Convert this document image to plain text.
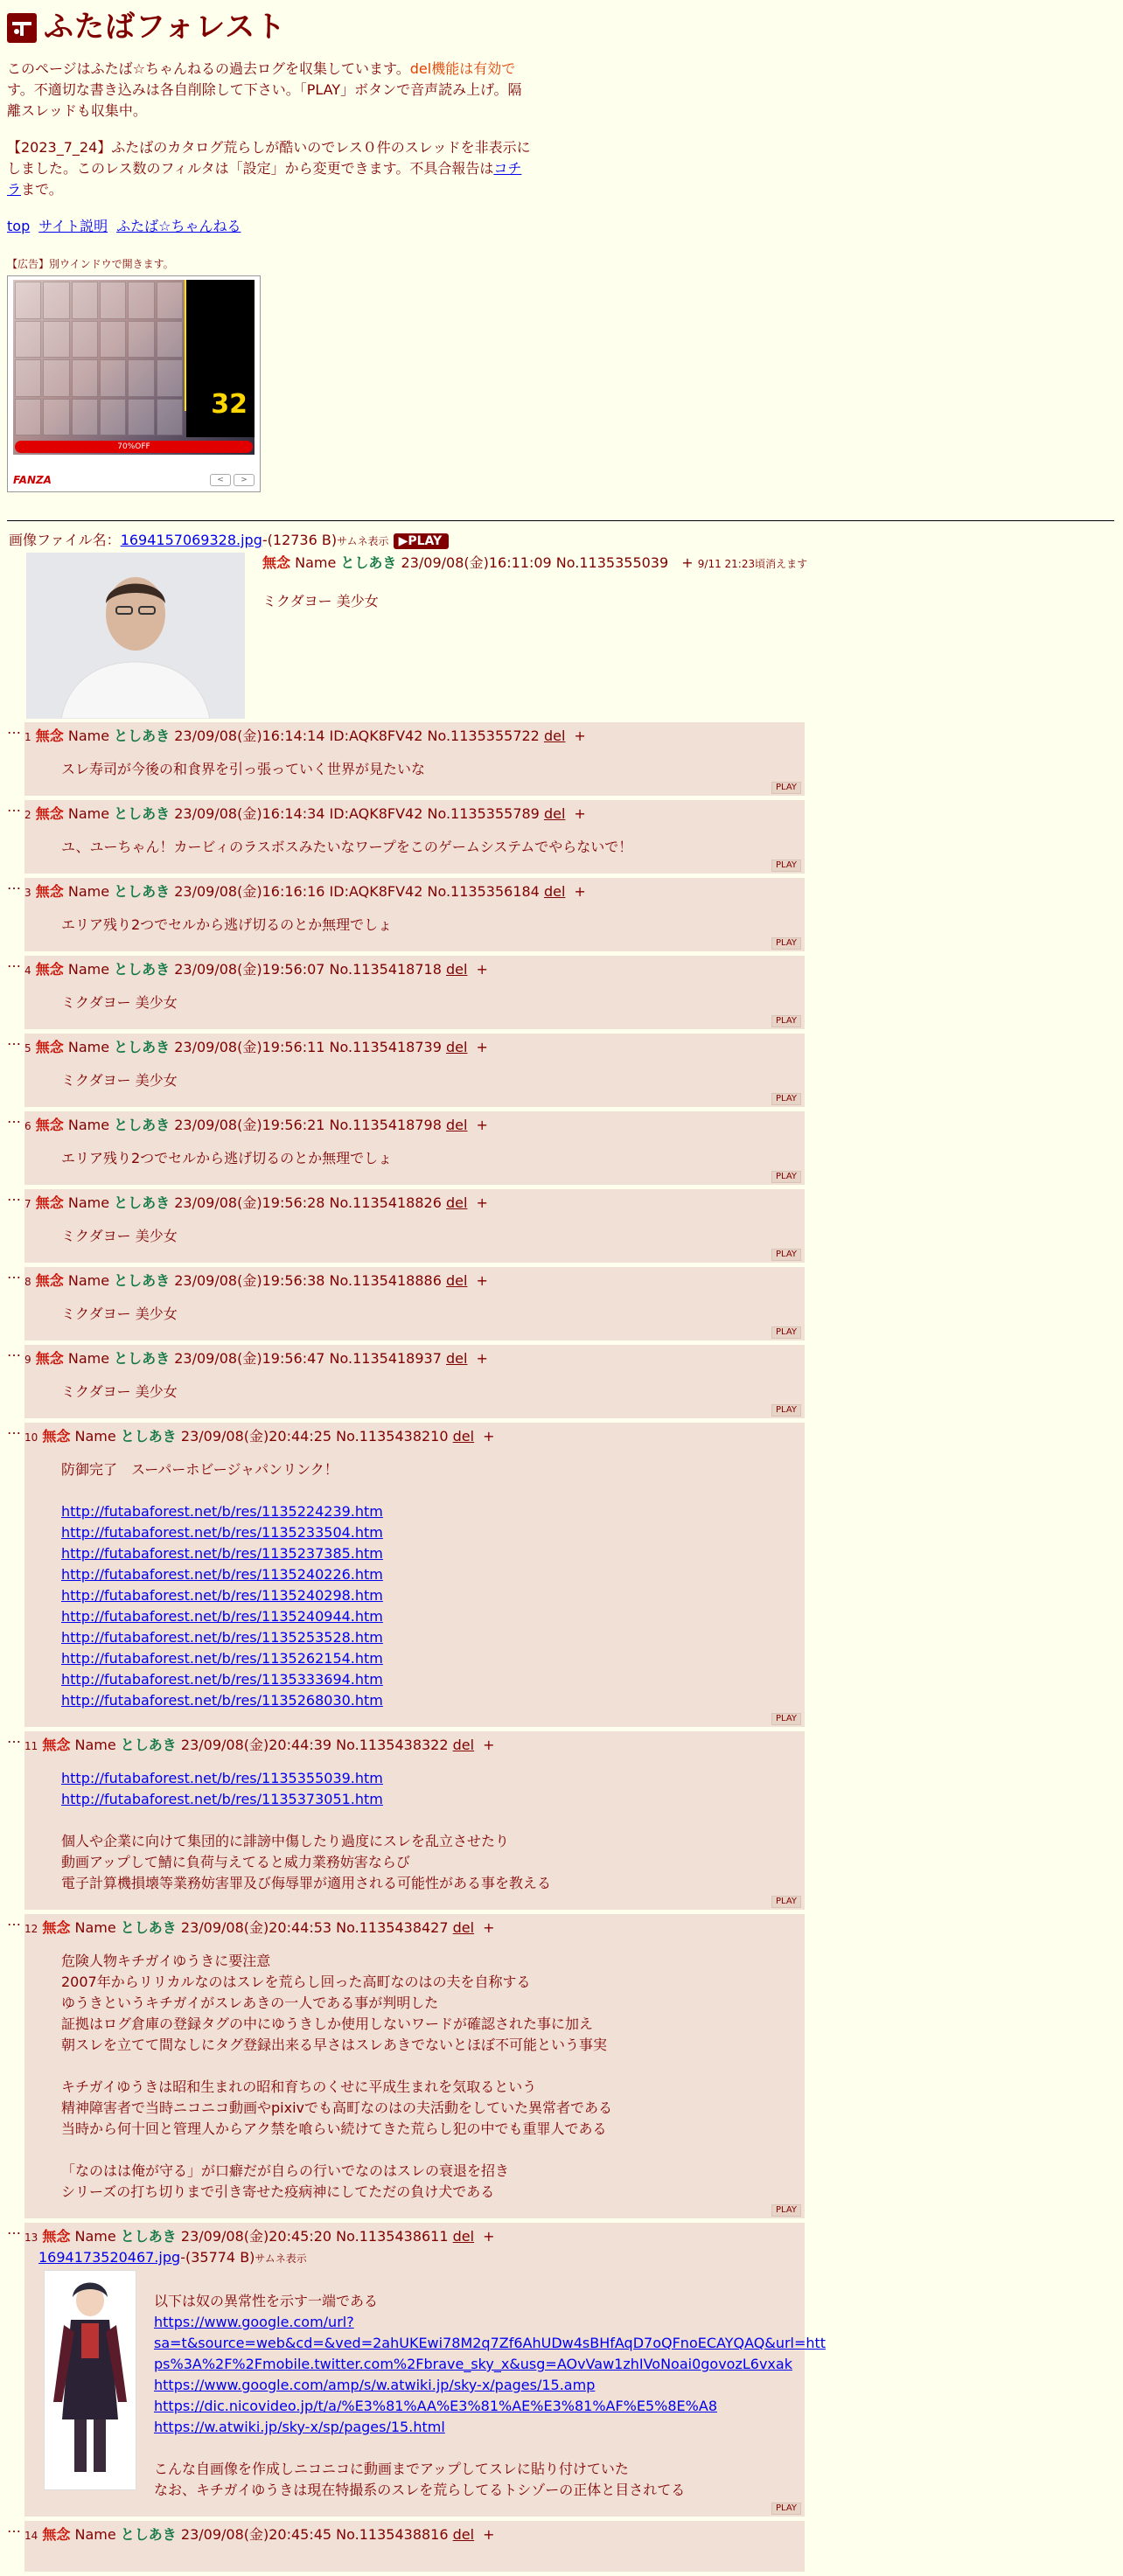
ふたばフォレスト
このページはふたば☆ちゃんねるの過去ログを収集しています。del機能は有効です。不適切な書き込みは各自削除して下さい。「PLAY」ボタンで音声読み上げ。隔離スレッドも収集中。
【2023_7_24】ふたばのカタログ荒らしが酷いのでレス０件のスレッドを非表示にしました。このレス数のフィルタは「設定」から変更できます。不具合報告はコチラまで。
top サイト説明 ふたば☆ちゃんねる
【広告】別ウインドウで開きます。
32
70%OFF
FANZA	<	>
画像ファイル名：1694157069328.jpg-(12736 B)サムネ表示 ▶PLAY
無念 Name としあき 23/09/08(金)16:11:09 No.1135355039 + 9/11 21:23頃消えます
ミクダヨー 美少女
… 1 無念 Name としあき 23/09/08(金)16:14:14 ID:AQK8FV42 No.1135355722 del +
スレ寿司が今後の和食界を引っ張っていく世界が見たいな
PLAY
… 2 無念 Name としあき 23/09/08(金)16:14:34 ID:AQK8FV42 No.1135355789 del +
ユ、ユーちゃん！カービィのラスボスみたいなワープをこのゲームシステムでやらないで！
PLAY
… 3 無念 Name としあき 23/09/08(金)16:16:16 ID:AQK8FV42 No.1135356184 del +
エリア残り2つでセルから逃げ切るのとか無理でしょ
PLAY
… 4 無念 Name としあき 23/09/08(金)19:56:07 No.1135418718 del +
ミクダヨー 美少女
PLAY
… 5 無念 Name としあき 23/09/08(金)19:56:11 No.1135418739 del +
ミクダヨー 美少女
PLAY
… 6 無念 Name としあき 23/09/08(金)19:56:21 No.1135418798 del +
エリア残り2つでセルから逃げ切るのとか無理でしょ
PLAY
… 7 無念 Name としあき 23/09/08(金)19:56:28 No.1135418826 del +
ミクダヨー 美少女
PLAY
… 8 無念 Name としあき 23/09/08(金)19:56:38 No.1135418886 del +
ミクダヨー 美少女
PLAY
… 9 無念 Name としあき 23/09/08(金)19:56:47 No.1135418937 del +
ミクダヨー 美少女
PLAY
… 10 無念 Name としあき 23/09/08(金)20:44:25 No.1135438210 del +
防御完了　スーパーホビージャパンリンク！

http://futabaforest.net/b/res/1135224239.htm
http://futabaforest.net/b/res/1135233504.htm
http://futabaforest.net/b/res/1135237385.htm
http://futabaforest.net/b/res/1135240226.htm
http://futabaforest.net/b/res/1135240298.htm
http://futabaforest.net/b/res/1135240944.htm
http://futabaforest.net/b/res/1135253528.htm
http://futabaforest.net/b/res/1135262154.htm
http://futabaforest.net/b/res/1135333694.htm
http://futabaforest.net/b/res/1135268030.htm
PLAY
… 11 無念 Name としあき 23/09/08(金)20:44:39 No.1135438322 del +
http://futabaforest.net/b/res/1135355039.htm
http://futabaforest.net/b/res/1135373051.htm

個人や企業に向けて集団的に誹謗中傷したり過度にスレを乱立させたり
動画アップして鯖に負荷与えてると威力業務妨害ならび
電子計算機損壊等業務妨害罪及び侮辱罪が適用される可能性がある事を教える
PLAY
… 12 無念 Name としあき 23/09/08(金)20:44:53 No.1135438427 del +
危険人物キチガイゆうきに要注意
2007年からリリカルなのはスレを荒らし回った高町なのはの夫を自称する
ゆうきというキチガイがスレあきの一人である事が判明した
証拠はログ倉庫の登録タグの中にゆうきしか使用しないワードが確認された事に加え
朝スレを立てて間なしにタグ登録出来る早さはスレあきでないとほぼ不可能という事実

キチガイゆうきは昭和生まれの昭和育ちのくせに平成生まれを気取るという
精神障害者で当時ニコニコ動画やpixivでも高町なのはの夫活動をしていた異常者である
当時から何十回と管理人からアク禁を喰らい続けてきた荒らし犯の中でも重罪人である

「なのはは俺が守る」が口癖だが自らの行いでなのはスレの衰退を招き
シリーズの打ち切りまで引き寄せた疫病神にしてただの負け犬である
PLAY
… 13 無念 Name としあき 23/09/08(金)20:45:20 No.1135438611 del +
1694173520467.jpg-(35774 B)サムネ表示

以下は奴の異常性を示す一端である
https://www.google.com/url?
sa=t&source=web&cd=&ved=2ahUKEwi78M2q7Zf6AhUDw4sBHfAqD7oQFnoECAYQAQ&url=htt
ps%3A%2F%2Fmobile.twitter.com%2Fbrave_sky_x&usg=AOvVaw1zhIVoNoai0govozL6vxak
https://www.google.com/amp/s/w.atwiki.jp/sky-x/pages/15.amp
https://dic.nicovideo.jp/t/a/%E3%81%AA%E3%81%AE%E3%81%AF%E5%8E%A8
https://w.atwiki.jp/sky-x/sp/pages/15.html

こんな自画像を作成しニコニコに動画までアップしてスレに貼り付けていた
なお、キチガイゆうきは現在特撮系のスレを荒らしてるトシゾーの正体と目されてる
PLAY
… 14 無念 Name としあき 23/09/08(金)20:45:45 No.1135438816 del +
